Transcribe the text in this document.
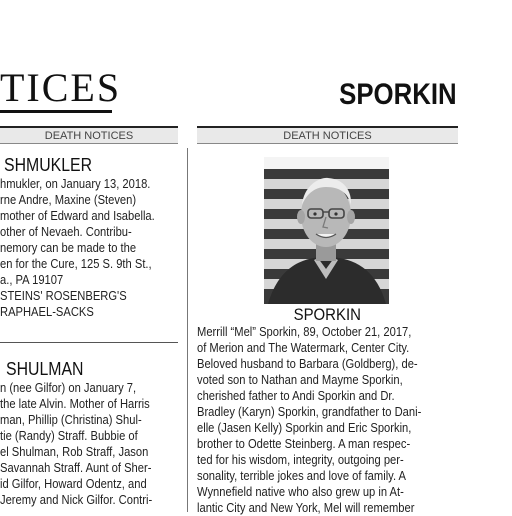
TICES	SPORKIN
DEATH NOTICES	DEATH NOTICES
SHMUKLER
hmukler, on January 13, 2018.
rne Andre, Maxine (Steven)
mother of Edward and Isabella.
other of Nevaeh. Contribu-
nemory can be made to the
en for the Cure, 125 S. 9th St.,
a., PA 19107
STEINS' ROSENBERG'S
RAPHAEL-SACKS
SHULMAN
n (nee Gilfor) on January 7,
the late Alvin. Mother of Harris
man, Phillip (Christina) Shul-
tie (Randy) Straff. Bubbie of
el Shulman, Rob Straff, Jason
Savannah Straff. Aunt of Sher-
id Gilfor, Howard Odentz, and
Jeremy and Nick Gilfor. Contri-
SPORKIN
Merrill “Mel” Sporkin, 89, October 21, 2017,
of Merion and The Watermark, Center City.
Beloved husband to Barbara (Goldberg), de-
voted son to Nathan and Mayme Sporkin,
cherished father to Andi Sporkin and Dr.
Bradley (Karyn) Sporkin, grandfather to Dani-
elle (Jasen Kelly) Sporkin and Eric Sporkin,
brother to Odette Steinberg. A man respec-
ted for his wisdom, integrity, outgoing per-
sonality, terrible jokes and love of family. A
Wynnefield native who also grew up in At-
lantic City and New York, Mel will remember
